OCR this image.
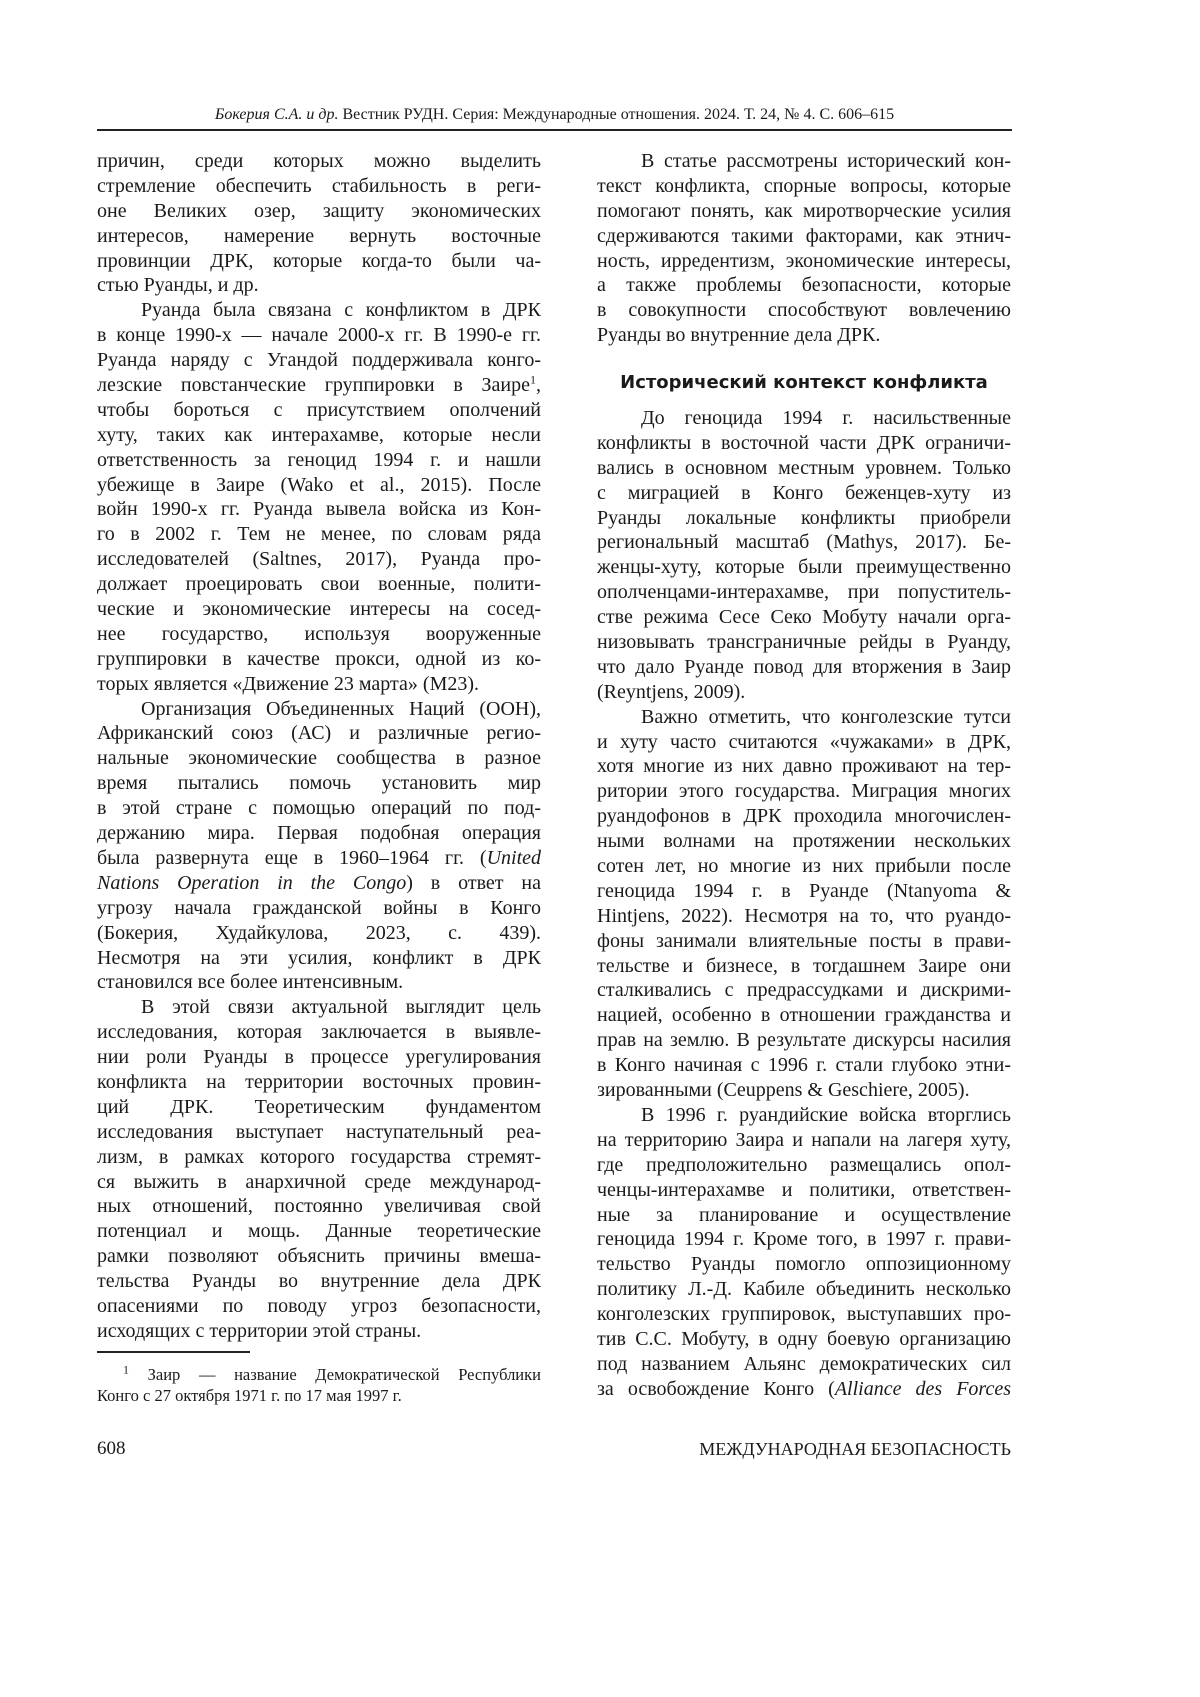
Бокерия С.А. и др. Вестник РУДН. Серия: Международные отношения. 2024. Т. 24, № 4. С. 606–615
причин, среди которых можно выделить
стремление обеспечить стабильность в реги-
оне Великих озер, защиту экономических
интересов, намерение вернуть восточные
провинции ДРК, которые когда-то были ча-
стью Руанды, и др.
Руанда была связана с конфликтом в ДРК
в конце 1990-х — начале 2000-х гг. В 1990-е гг.
Руанда наряду с Угандой поддерживала конго-
лезские повстанческие группировки в Заире1,
чтобы бороться с присутствием ополчений
хуту, таких как интерахамве, которые несли
ответственность за геноцид 1994 г. и нашли
убежище в Заире (Wako et al., 2015). После
войн 1990-х гг. Руанда вывела войска из Кон-
го в 2002 г. Тем не менее, по словам ряда
исследователей (Saltnes, 2017), Руанда про-
должает проецировать свои военные, полити-
ческие и экономические интересы на сосед-
нее государство, используя вооруженные
группировки в качестве прокси, одной из ко-
торых является «Движение 23 марта» (M23).
Организация Объединенных Наций (ООН),
Африканский союз (АС) и различные регио-
нальные экономические сообщества в разное
время пытались помочь установить мир
в этой стране с помощью операций по под-
держанию мира. Первая подобная операция
была развернута еще в 1960–1964 гг. (United
Nations Operation in the Congo) в ответ на
угрозу начала гражданской войны в Конго
(Бокерия, Худайкулова, 2023, с. 439).
Несмотря на эти усилия, конфликт в ДРК
становился все более интенсивным.
В этой связи актуальной выглядит цель
исследования, которая заключается в выявле-
нии роли Руанды в процессе урегулирования
конфликта на территории восточных провин-
ций ДРК. Теоретическим фундаментом
исследования выступает наступательный реа-
лизм, в рамках которого государства стремят-
ся выжить в анархичной среде международ-
ных отношений, постоянно увеличивая свой
потенциал и мощь. Данные теоретические
рамки позволяют объяснить причины вмеша-
тельства Руанды во внутренние дела ДРК
опасениями по поводу угроз безопасности,
исходящих с территории этой страны.
В статье рассмотрены исторический кон-
текст конфликта, спорные вопросы, которые
помогают понять, как миротворческие усилия
сдерживаются такими факторами, как этнич-
ность, ирредентизм, экономические интересы,
а также проблемы безопасности, которые
в совокупности способствуют вовлечению
Руанды во внутренние дела ДРК.
Исторический контекст конфликта
До геноцида 1994 г. насильственные
конфликты в восточной части ДРК ограничи-
вались в основном местным уровнем. Только
с миграцией в Конго беженцев-хуту из
Руанды локальные конфликты приобрели
региональный масштаб (Mathys, 2017). Бе-
женцы-хуту, которые были преимущественно
ополченцами-интерахамве, при попуститель-
стве режима Сесе Секо Мобуту начали орга-
низовывать трансграничные рейды в Руанду,
что дало Руанде повод для вторжения в Заир
(Reyntjens, 2009).
Важно отметить, что конголезские тутси
и хуту часто считаются «чужаками» в ДРК,
хотя многие из них давно проживают на тер-
ритории этого государства. Миграция многих
руандофонов в ДРК проходила многочислен-
ными волнами на протяжении нескольких
сотен лет, но многие из них прибыли после
геноцида 1994 г. в Руанде (Ntanyoma &
Hintjens, 2022). Несмотря на то, что руандо-
фоны занимали влиятельные посты в прави-
тельстве и бизнесе, в тогдашнем Заире они
сталкивались с предрассудками и дискрими-
нацией, особенно в отношении гражданства и
прав на землю. В результате дискурсы насилия
в Конго начиная с 1996 г. стали глубоко этни-
зированными (Ceuppens & Geschiere, 2005).
В 1996 г. руандийские войска вторглись
на территорию Заира и напали на лагеря хуту,
где предположительно размещались опол-
ченцы-интерахамве и политики, ответствен-
ные за планирование и осуществление
геноцида 1994 г. Кроме того, в 1997 г. прави-
тельство Руанды помогло оппозиционному
политику Л.-Д. Кабиле объединить несколько
конголезских группировок, выступавших про-
тив С.С. Мобуту, в одну боевую организацию
под названием Альянс демократических сил
за освобождение Конго (Alliance des Forces
1 Заир — название Демократической Республики
Конго с 27 октября 1971 г. по 17 мая 1997 г.
608	МЕЖДУНАРОДНАЯ БЕЗОПАСНОСТЬ
